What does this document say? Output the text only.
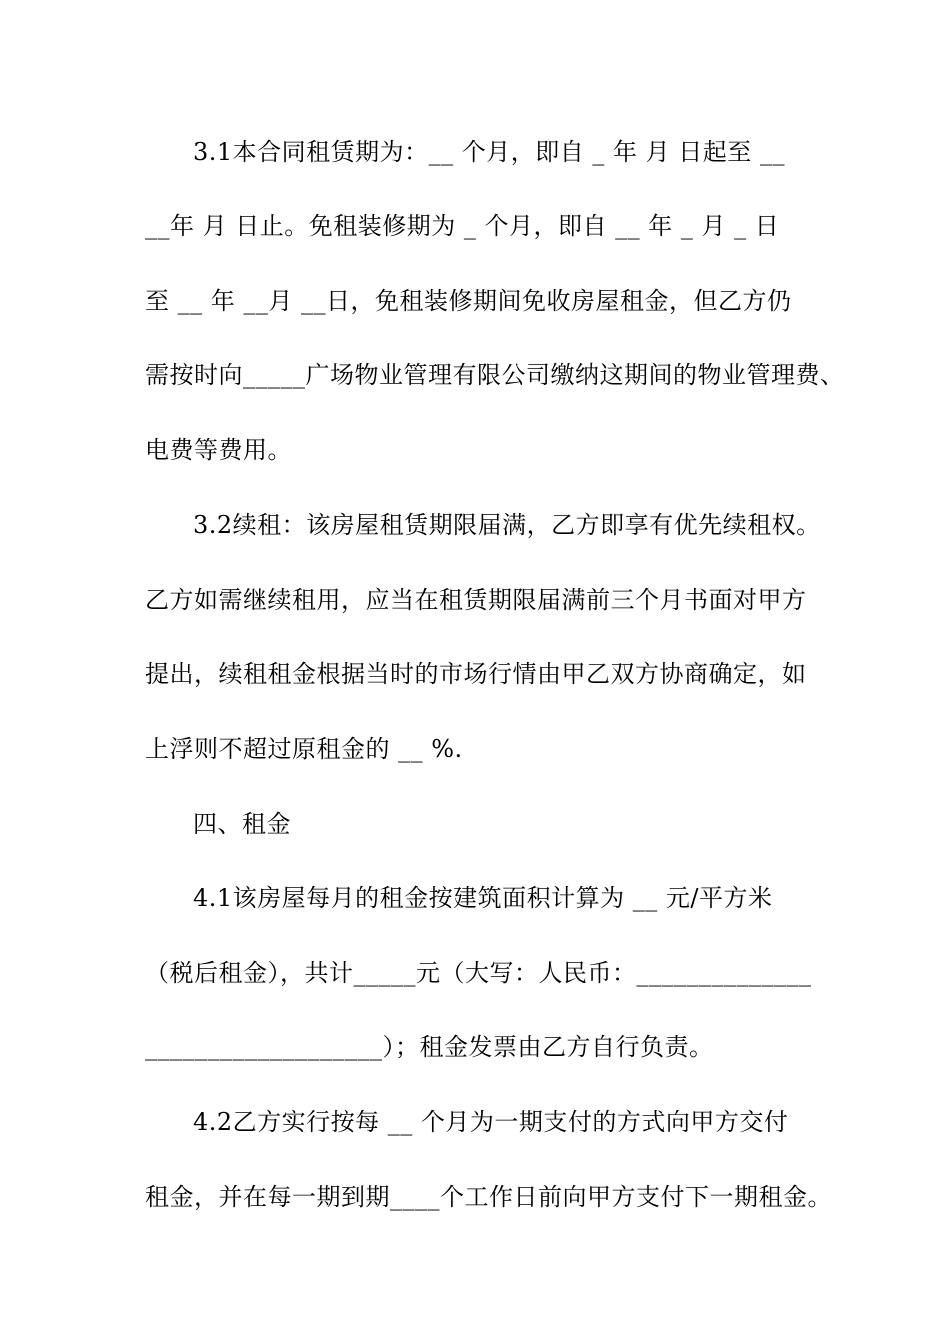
3.1本合同租赁期为：__ 个月，即自 _ 年 月 日起至 __
__年 月 日止。免租装修期为 _ 个月，即自 __ 年 _ 月 _ 日
至 __ 年 __月 __日，免租装修期间免收房屋租金，但乙方仍
需按时向_____广场物业管理有限公司缴纳这期间的物业管理费、
电费等费用。
3.2续租：该房屋租赁期限届满，乙方即享有优先续租权。
乙方如需继续租用，应当在租赁期限届满前三个月书面对甲方
提出，续租租金根据当时的市场行情由甲乙双方协商确定，如
上浮则不超过原租金的 __ %.
四、租金
4.1该房屋每月的租金按建筑面积计算为 __ 元/平方米
（税后租金），共计_____元（大写：人民币：______________
___________________）；租金发票由乙方自行负责。
4.2乙方实行按每 __ 个月为一期支付的方式向甲方交付
租金，并在每一期到期____个工作日前向甲方支付下一期租金。
